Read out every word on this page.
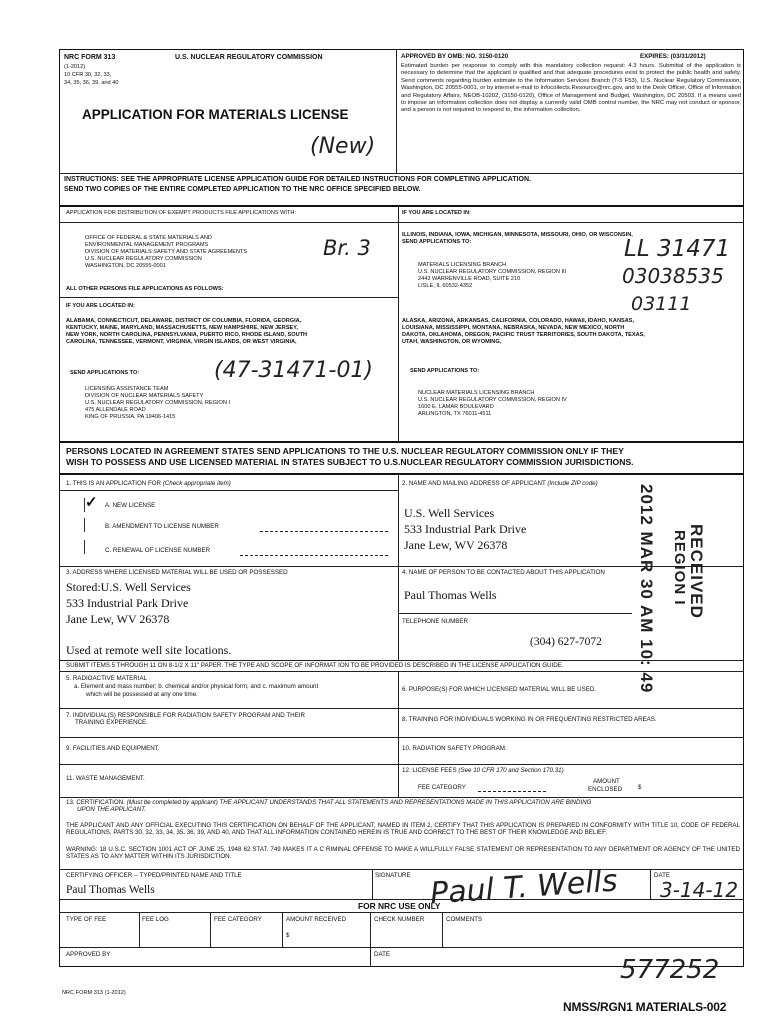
NRC FORM 313	U.S. NUCLEAR REGULATORY COMMISSION
(1-2012)
10 CFR 30, 32, 33,
34, 35, 36, 39, and 40
APPLICATION FOR MATERIALS LICENSE
(New)
APPROVED BY OMB: NO. 3150-0120	EXPIRES: (03/31/2012)
Estimated burden per response to comply with this mandatory collection request: 4.3 hours. Submittal of the application is necessary to determine that the applicant is qualified and that adequate procedures exist to protect the public health and safety. Send comments regarding burden estimate to the Information Services Branch (T-5 F53), U.S. Nuclear Regulatory Commission, Washington, DC 20555-0001, or by internet e-mail to Infocollects.Resource@nrc.gov, and to the Desk Officer, Office of Information and Regulatory Affairs, NEOB-10202, (3150-0120), Office of Management and Budget, Washington, DC 20503. If a means used to impose an information collection does not display a currently valid OMB control number, the NRC may not conduct or sponsor, and a person is not required to respond to, the information collection.
INSTRUCTIONS: SEE THE APPROPRIATE LICENSE APPLICATION GUIDE FOR DETAILED INSTRUCTIONS FOR COMPLETING APPLICATION.
SEND TWO COPIES OF THE ENTIRE COMPLETED APPLICATION TO THE NRC OFFICE SPECIFIED BELOW.
APPLICATION FOR DISTRIBUTION OF EXEMPT PRODUCTS FILE APPLICATIONS WITH:
OFFICE OF FEDERAL & STATE MATERIALS AND
ENVIRONMENTAL MANAGEMENT PROGRAMS
DIVISION OF MATERIALS SAFETY AND STATE AGREEMENTS
U.S. NUCLEAR REGULATORY COMMISSION
WASHINGTON, DC 20555-0001
Br. 3
ALL OTHER PERSONS FILE APPLICATIONS AS FOLLOWS:
IF YOU ARE LOCATED IN:
ALABAMA, CONNECTICUT, DELAWARE, DISTRICT OF COLUMBIA, FLORIDA, GEORGIA,
KENTUCKY, MAINE, MARYLAND, MASSACHUSETTS, NEW HAMPSHIRE, NEW JERSEY,
NEW YORK, NORTH CAROLINA, PENNSYLVANIA, PUERTO RICO, RHODE ISLAND, SOUTH
CAROLINA, TENNESSEE, VERMONT, VIRGINIA, VIRGIN ISLANDS, OR WEST VIRGINIA,
SEND APPLICATIONS TO:	(47-31471-01)
LICENSING ASSISTANCE TEAM
DIVISION OF NUCLEAR MATERIALS SAFETY
U.S. NUCLEAR REGULATORY COMMISSION, REGION I
475 ALLENDALE ROAD
KING OF PRUSSIA, PA 19406-1415
IF YOU ARE LOCATED IN:
ILLINOIS, INDIANA, IOWA, MICHIGAN, MINNESOTA, MISSOURI, OHIO, OR WISCONSIN,
SEND APPLICATIONS TO:
MATERIALS LICENSING BRANCH
U.S. NUCLEAR REGULATORY COMMISSION, REGION III
2443 WARRENVILLE ROAD, SUITE 210
LISLE, IL 60532-4352
LL 31471
03038535
03111
ALASKA, ARIZONA, ARKANSAS, CALIFORNIA, COLORADO, HAWAII, IDAHO, KANSAS,
LOUISIANA, MISSISSIPPI, MONTANA, NEBRASKA, NEVADA, NEW MEXICO, NORTH
DAKOTA, OKLAHOMA, OREGON, PACIFIC TRUST TERRITORIES, SOUTH DAKOTA, TEXAS,
UTAH, WASHINGTON, OR WYOMING,
SEND APPLICATIONS TO:
NUCLEAR MATERIALS LICENSING BRANCH
U.S. NUCLEAR REGULATORY COMMISSION, REGION IV
1600 E. LAMAR BOULEVARD
ARLINGTON, TX 76011-4511
PERSONS LOCATED IN AGREEMENT STATES SEND APPLICATIONS TO THE U.S. NUCLEAR REGULATORY COMMISSION ONLY IF THEY
WISH TO POSSESS AND USE LICENSED MATERIAL IN STATES SUBJECT TO U.S.NUCLEAR REGULATORY COMMISSION JURISDICTIONS.
1. THIS IS AN APPLICATION FOR (Check appropriate item)
✓ A. NEW LICENSE
B. AMENDMENT TO LICENSE NUMBER
C. RENEWAL OF LICENSE NUMBER
2. NAME AND MAILING ADDRESS OF APPLICANT (Include ZIP code)
U.S. Well Services
533 Industrial Park Drive
Jane Lew, WV 26378
3. ADDRESS WHERE LICENSED MATERIAL WILL BE USED OR POSSESSED
Stored:U.S. Well Services
533 Industrial Park Drive
Jane Lew, WV 26378
Used at remote well site locations.
4. NAME OF PERSON TO BE CONTACTED ABOUT THIS APPLICATION
Paul Thomas Wells
TELEPHONE NUMBER
(304) 627-7072 2012 MAR 30 AM 10: 49 RECEIVED
REGION I
SUBMIT ITEMS 5 THROUGH 11 ON 8-1/2 X 11" PAPER. THE TYPE AND SCOPE OF INFORMAT ION TO BE PROVIDED IS DESCRIBED IN THE LICENSE APPLICATION GUIDE.
5. RADIOACTIVE MATERIAL
a. Element and mass number; b. chemical and/or physical form; and c. maximum amount
which will be possessed at any one time.
6. PURPOSE(S) FOR WHICH LICENSED MATERIAL WILL BE USED.
7. INDIVIDUAL(S) RESPONSIBLE FOR RADIATION SAFETY PROGRAM AND THEIR
TRAINING EXPERIENCE.	8. TRAINING FOR INDIVIDUALS WORKING IN OR FREQUENTING RESTRICTED AREAS.
9. FACILITIES AND EQUIPMENT.	10. RADIATION SAFETY PROGRAM.
11. WASTE MANAGEMENT.
12. LICENSE FEES (See 10 CFR 170 and Section 170.31)
FEE CATEGORY
AMOUNT
ENCLOSED	$
13. CERTIFICATION. (Must be completed by applicant) THE APPLICANT UNDERSTANDS THAT ALL STATEMENTS AND REPRESENTATIONS MADE IN THIS APPLICATION ARE BINDING
UPON THE APPLICANT.
THE APPLICANT AND ANY OFFICIAL EXECUTING THIS CERTIFICATION ON BEHALF OF THE APPLICANT, NAMED IN ITEM 2, CERTIFY THAT THIS APPLICATION IS PREPARED IN CONFORMITY WITH TITLE 10, CODE OF FEDERAL REGULATIONS, PARTS 30, 32, 33, 34, 35, 36, 39, AND 40, AND THAT ALL INFORMATION CONTAINED HEREIN IS TRUE AND CORRECT TO THE BEST OF THEIR KNOWLEDGE AND BELIEF.
WARNING: 18 U.S.C. SECTION 1001 ACT OF JUNE 25, 1948 62 STAT. 749 MAKES IT A C RIMINAL OFFENSE TO MAKE A WILLFULLY FALSE STATEMENT OR REPRESENTATION TO ANY DEPARTMENT OR AGENCY OF THE UNITED STATES AS TO ANY MATTER WITHIN ITS JURISDICTION.
CERTIFYING OFFICER -- TYPED/PRINTED NAME AND TITLE
Paul Thomas Wells
SIGNATURE Paul T. Wells	DATE
3-14-12
FOR NRC USE ONLY
TYPE OF FEE	FEE LOG	FEE CATEGORY	AMOUNT RECEIVED
$
CHECK NUMBER	COMMENTS
APPROVED BY	DATE
577252
NRC FORM 313 (1-2012)
NMSS/RGN1 MATERIALS-002
